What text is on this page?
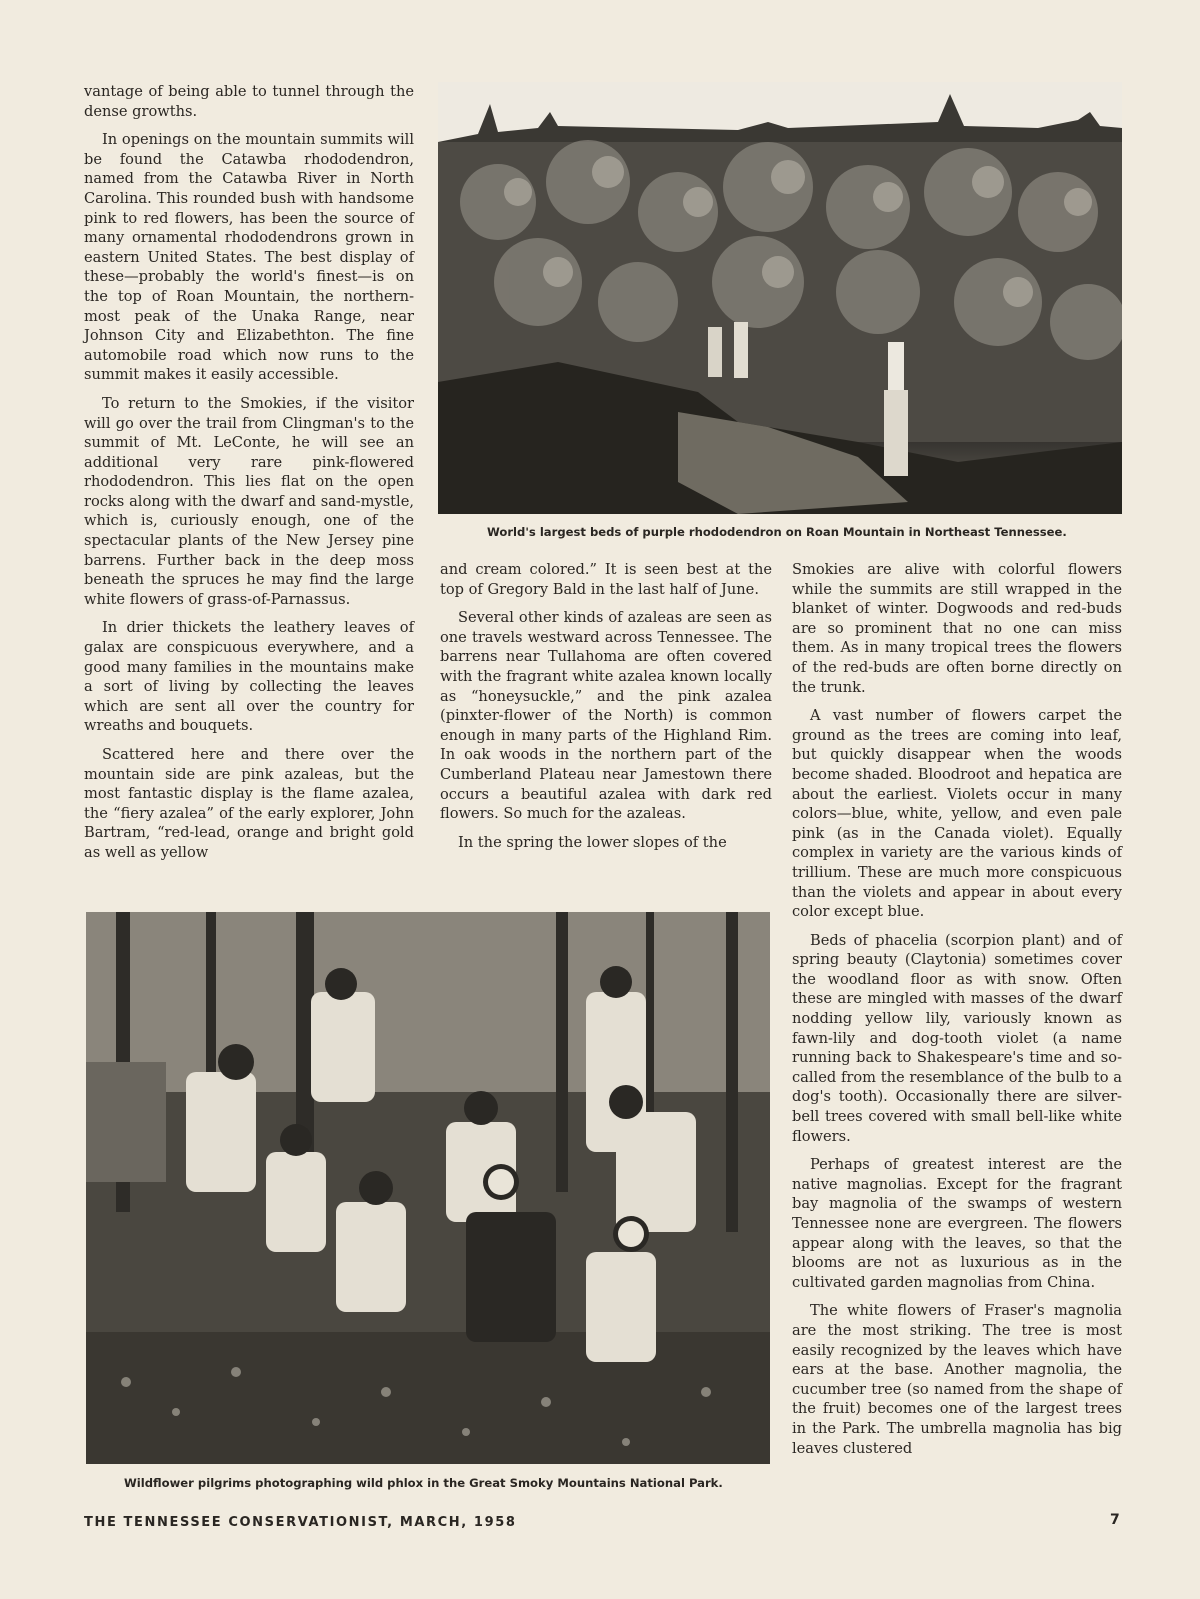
vantage of being able to tunnel through the dense growths.

In openings on the mountain summits will be found the Catawba rhododendron, named from the Catawba River in North Carolina. This rounded bush with handsome pink to red flowers, has been the source of many ornamental rhododendrons grown in eastern United States. The best display of these—probably the world's finest—is on the top of Roan Mountain, the northern-most peak of the Unaka Range, near Johnson City and Elizabethton. The fine automobile road which now runs to the summit makes it easily accessible.

To return to the Smokies, if the visitor will go over the trail from Clingman's to the summit of Mt. LeConte, he will see an additional very rare pink-flowered rhododendron. This lies flat on the open rocks along with the dwarf and sand-mystle, which is, curiously enough, one of the spectacular plants of the New Jersey pine barrens. Further back in the deep moss beneath the spruces he may find the large white flowers of grass-of-Parnassus.

In drier thickets the leathery leaves of galax are conspicuous everywhere, and a good many families in the mountains make a sort of living by collecting the leaves which are sent all over the country for wreaths and bouquets.

Scattered here and there over the mountain side are pink azaleas, but the most fantastic display is the flame azalea, the “fiery azalea” of the early explorer, John Bartram, “red-lead, orange and bright gold as well as yellow

World's largest beds of purple rhododendron on Roan Mountain in Northeast Tennessee.

and cream colored.” It is seen best at the top of Gregory Bald in the last half of June.

Several other kinds of azaleas are seen as one travels westward across Tennessee. The barrens near Tullahoma are often covered with the fragrant white azalea known locally as “honeysuckle,” and the pink azalea (pinxter-flower of the North) is common enough in many parts of the Highland Rim. In oak woods in the northern part of the Cumberland Plateau near Jamestown there occurs a beautiful azalea with dark red flowers. So much for the azaleas.

In the spring the lower slopes of the

Smokies are alive with colorful flowers while the summits are still wrapped in the blanket of winter. Dogwoods and red-buds are so prominent that no one can miss them. As in many tropical trees the flowers of the red-buds are often borne directly on the trunk.

A vast number of flowers carpet the ground as the trees are coming into leaf, but quickly disappear when the woods become shaded. Bloodroot and hepatica are about the earliest. Violets occur in many colors—blue, white, yellow, and even pale pink (as in the Canada violet). Equally complex in variety are the various kinds of trillium. These are much more conspicuous than the violets and appear in about every color except blue.

Beds of phacelia (scorpion plant) and of spring beauty (Claytonia) sometimes cover the woodland floor as with snow. Often these are mingled with masses of the dwarf nodding yellow lily, variously known as fawn-lily and dog-tooth violet (a name running back to Shakespeare's time and so-called from the resemblance of the bulb to a dog's tooth). Occasionally there are silver-bell trees covered with small bell-like white flowers.

Perhaps of greatest interest are the native magnolias. Except for the fragrant bay magnolia of the swamps of western Tennessee none are evergreen. The flowers appear along with the leaves, so that the blooms are not as luxurious as in the cultivated garden magnolias from China.

The white flowers of Fraser's magnolia are the most striking. The tree is most easily recognized by the leaves which have ears at the base. Another magnolia, the cucumber tree (so named from the shape of the fruit) becomes one of the largest trees in the Park. The umbrella magnolia has big leaves clustered

Wildflower pilgrims photographing wild phlox in the Great Smoky Mountains National Park.
THE TENNESSEE CONSERVATIONIST, MARCH, 1958	7
